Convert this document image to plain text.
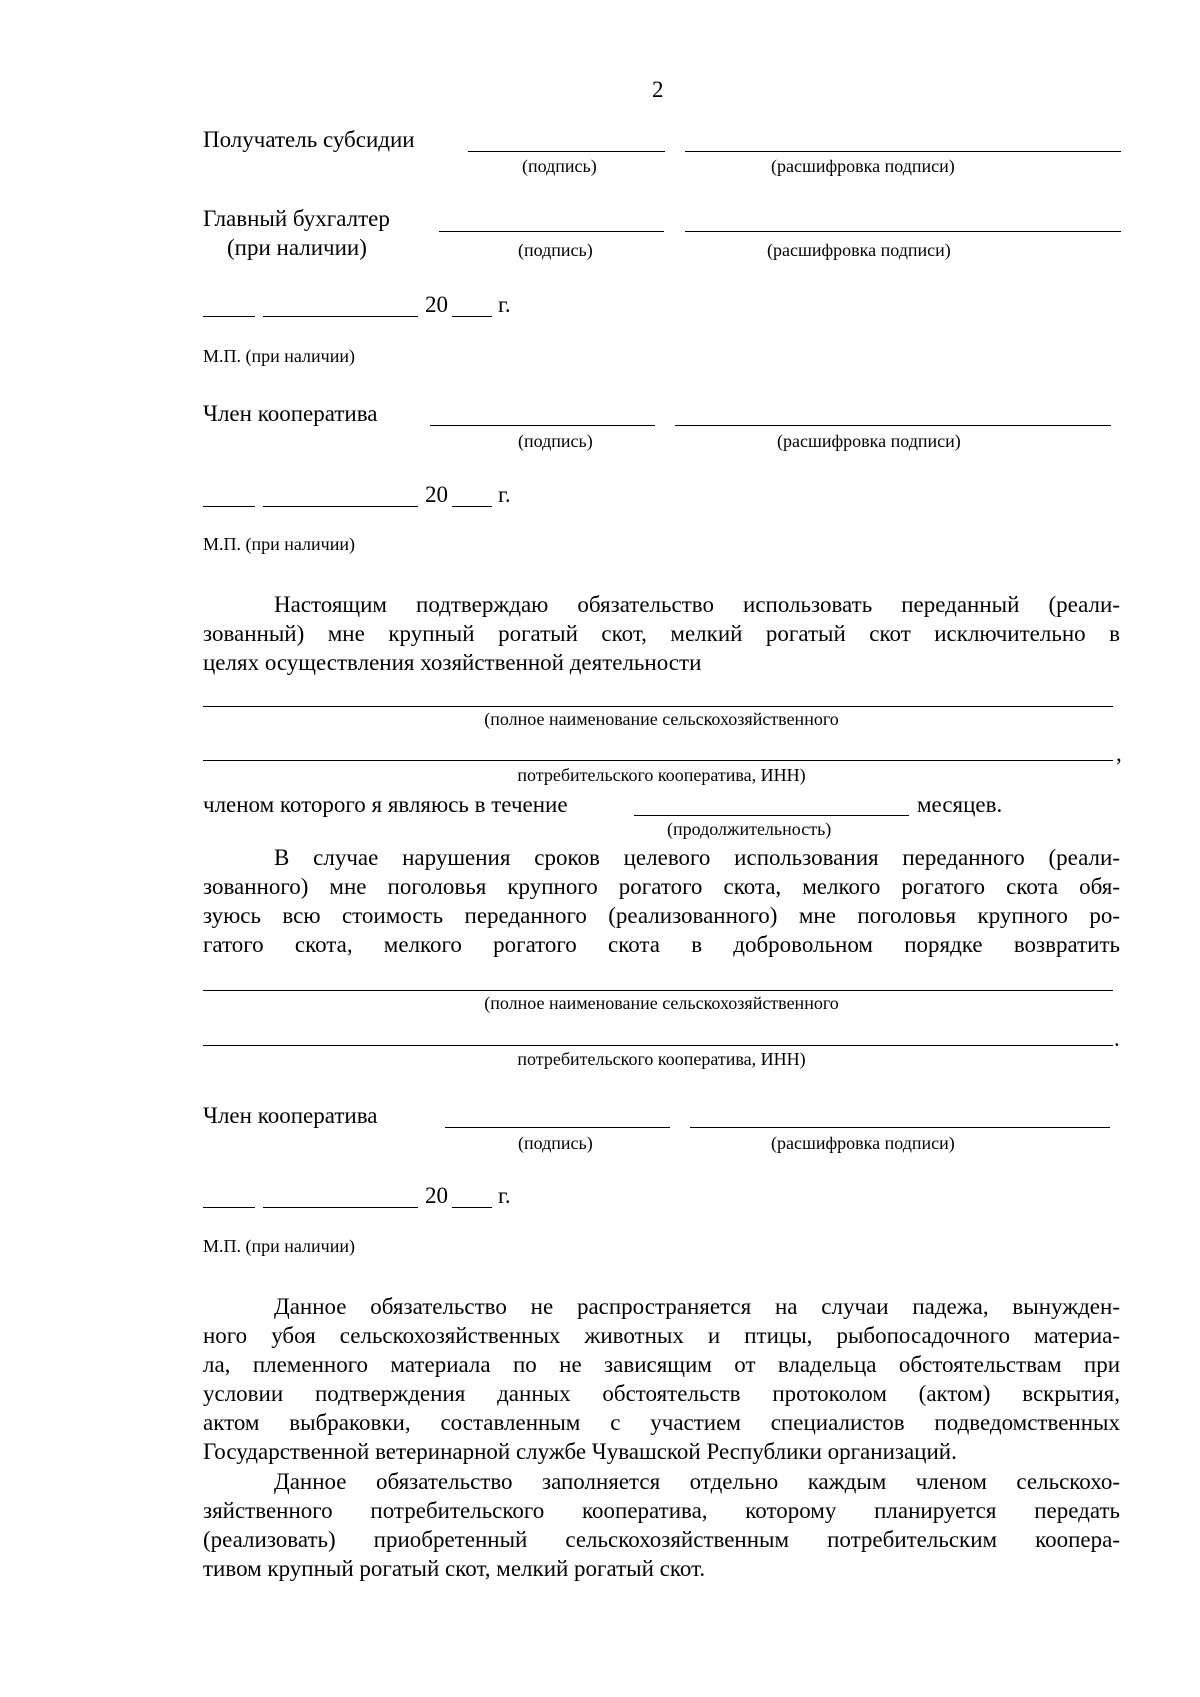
2
Получатель субсидии
(подпись)	(расшифровка подписи)
Главный бухгалтер
(при наличии)	(подпись)	(расшифровка подписи)
20 г.
М.П. (при наличии)
Член кооператива
(подпись)	(расшифровка подписи)
20 г.
М.П. (при наличии)
Настоящим подтверждаю обязательство использовать переданный (реали-
зованный) мне крупный рогатый скот, мелкий рогатый скот исключительно в
целях осуществления хозяйственной деятельности
(полное наименование сельскохозяйственного
,
потребительского кооператива, ИНН)
членом которого я являюсь в течение	месяцев.
(продолжительность)
В случае нарушения сроков целевого использования переданного (реали-
зованного) мне поголовья крупного рогатого скота, мелкого рогатого скота обя-
зуюсь всю стоимость переданного (реализованного) мне поголовья крупного ро-
гатого скота, мелкого рогатого скота в добровольном порядке возвратить
(полное наименование сельскохозяйственного
.
потребительского кооператива, ИНН)
Член кооператива
(подпись)	(расшифровка подписи)
20 г.
М.П. (при наличии)
Данное обязательство не распространяется на случаи падежа, вынужден-
ного убоя сельскохозяйственных животных и птицы, рыбопосадочного материа-
ла, племенного материала по не зависящим от владельца обстоятельствам при
условии подтверждения данных обстоятельств протоколом (актом) вскрытия,
актом выбраковки, составленным с участием специалистов подведомственных
Государственной ветеринарной службе Чувашской Республики организаций.
Данное обязательство заполняется отдельно каждым членом сельскохо-
зяйственного потребительского кооператива, которому планируется передать
(реализовать) приобретенный сельскохозяйственным потребительским коопера-
тивом крупный рогатый скот, мелкий рогатый скот.
